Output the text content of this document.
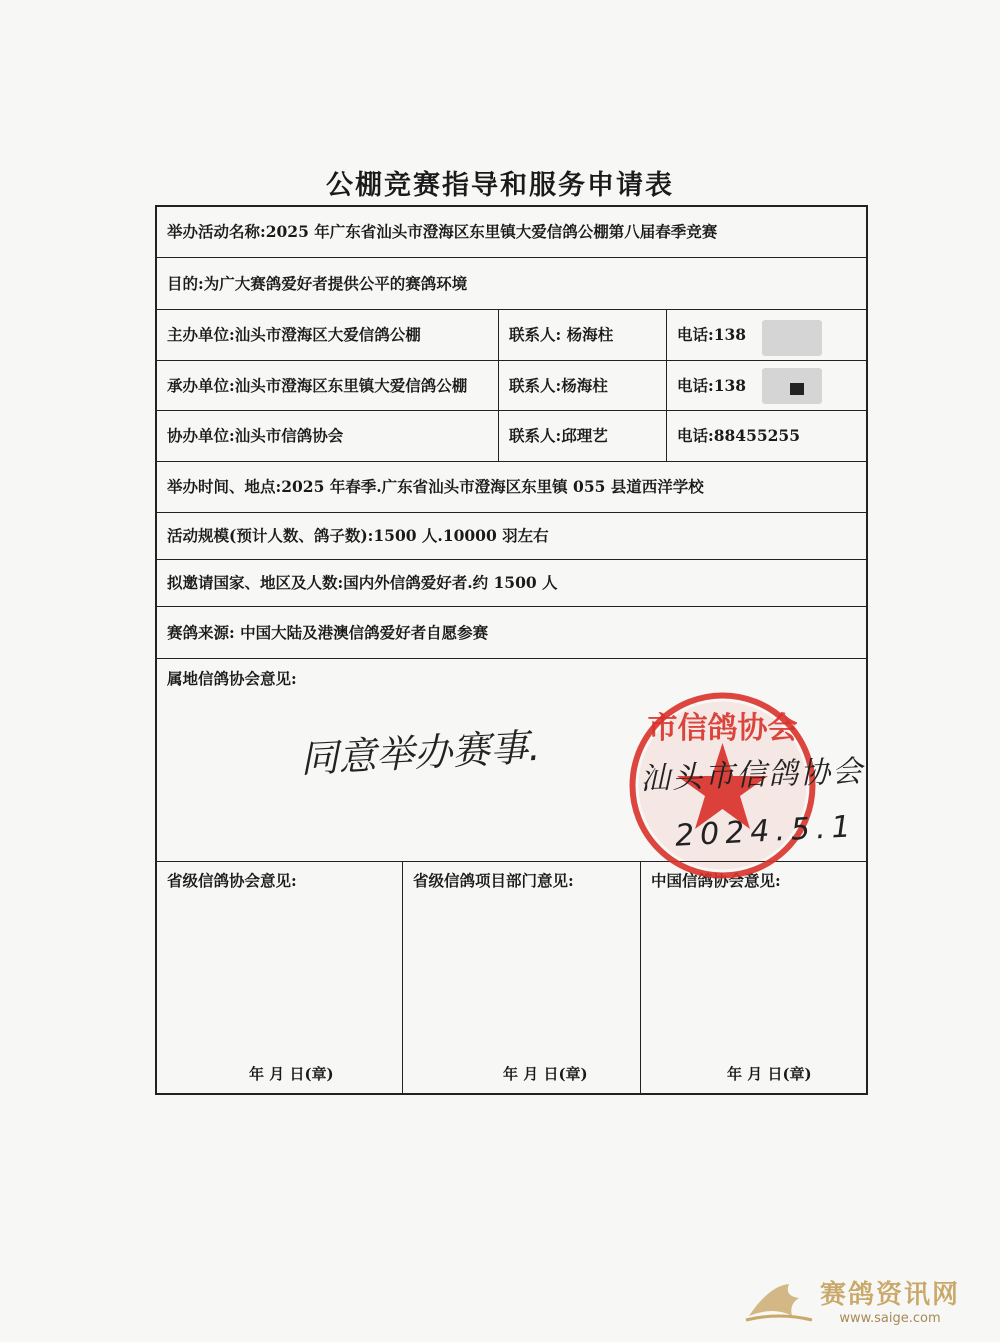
公棚竞赛指导和服务申请表
举办活动名称:2025 年广东省汕头市澄海区东里镇大爱信鸽公棚第八届春季竞赛
目的:为广大赛鸽爱好者提供公平的赛鸽环境
主办单位:汕头市澄海区大爱信鸽公棚	联系人: 杨海柱	电话:138
承办单位:汕头市澄海区东里镇大爱信鸽公棚	联系人:杨海柱	电话:138
协办单位:汕头市信鸽协会	联系人:邱理艺	电话:88455255
举办时间、地点:2025 年春季.广东省汕头市澄海区东里镇 055 县道西洋学校
活动规模(预计人数、鸽子数):1500 人.10000 羽左右
拟邀请国家、地区及人数:国内外信鸽爱好者.约 1500 人
赛鸽来源: 中国大陆及港澳信鸽爱好者自愿参赛
属地信鸽协会意见:
省级信鸽协会意见:
年 月 日(章)
省级信鸽项目部门意见:
年 月 日(章)
中国信鸽协会意见:
年 月 日(章)
同意举办赛事.	市信鸽协会
汕头市信鸽协会
2024.5.1
赛鸽资讯网
www.saige.com
